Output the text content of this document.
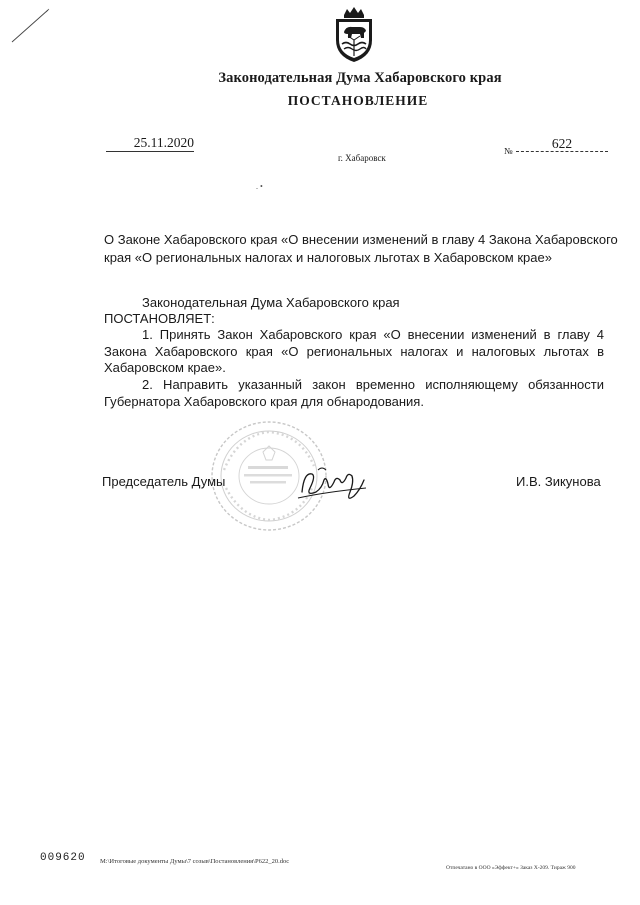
Законодательная Дума Хабаровского края
ПОСТАНОВЛЕНИЕ
25.11.2020
№	622
г. Хабаровск
. •
О Законе Хабаровского края «О внесении изменений в главу 4 Закона Хабаровского края «О региональных налогах и налоговых льготах в Хабаровском крае»
Законодательная Дума Хабаровского края
ПОСТАНОВЛЯЕТ:
1. Принять Закон Хабаровского края «О внесении изменений в главу 4 Закона Хабаровского края «О региональных налогах и налоговых льготах в Хабаровском крае».
2. Направить указанный закон временно исполняющему обязанности Губернатора Хабаровского края для обнародования.
Председатель Думы	И.В. Зикунова
009620 M:\Итоговые документы Думы\7 созыв\Постановления\Р622_20.doc
Отпечатано в ООО «Эффект+» Заказ Х-209. Тираж 900
